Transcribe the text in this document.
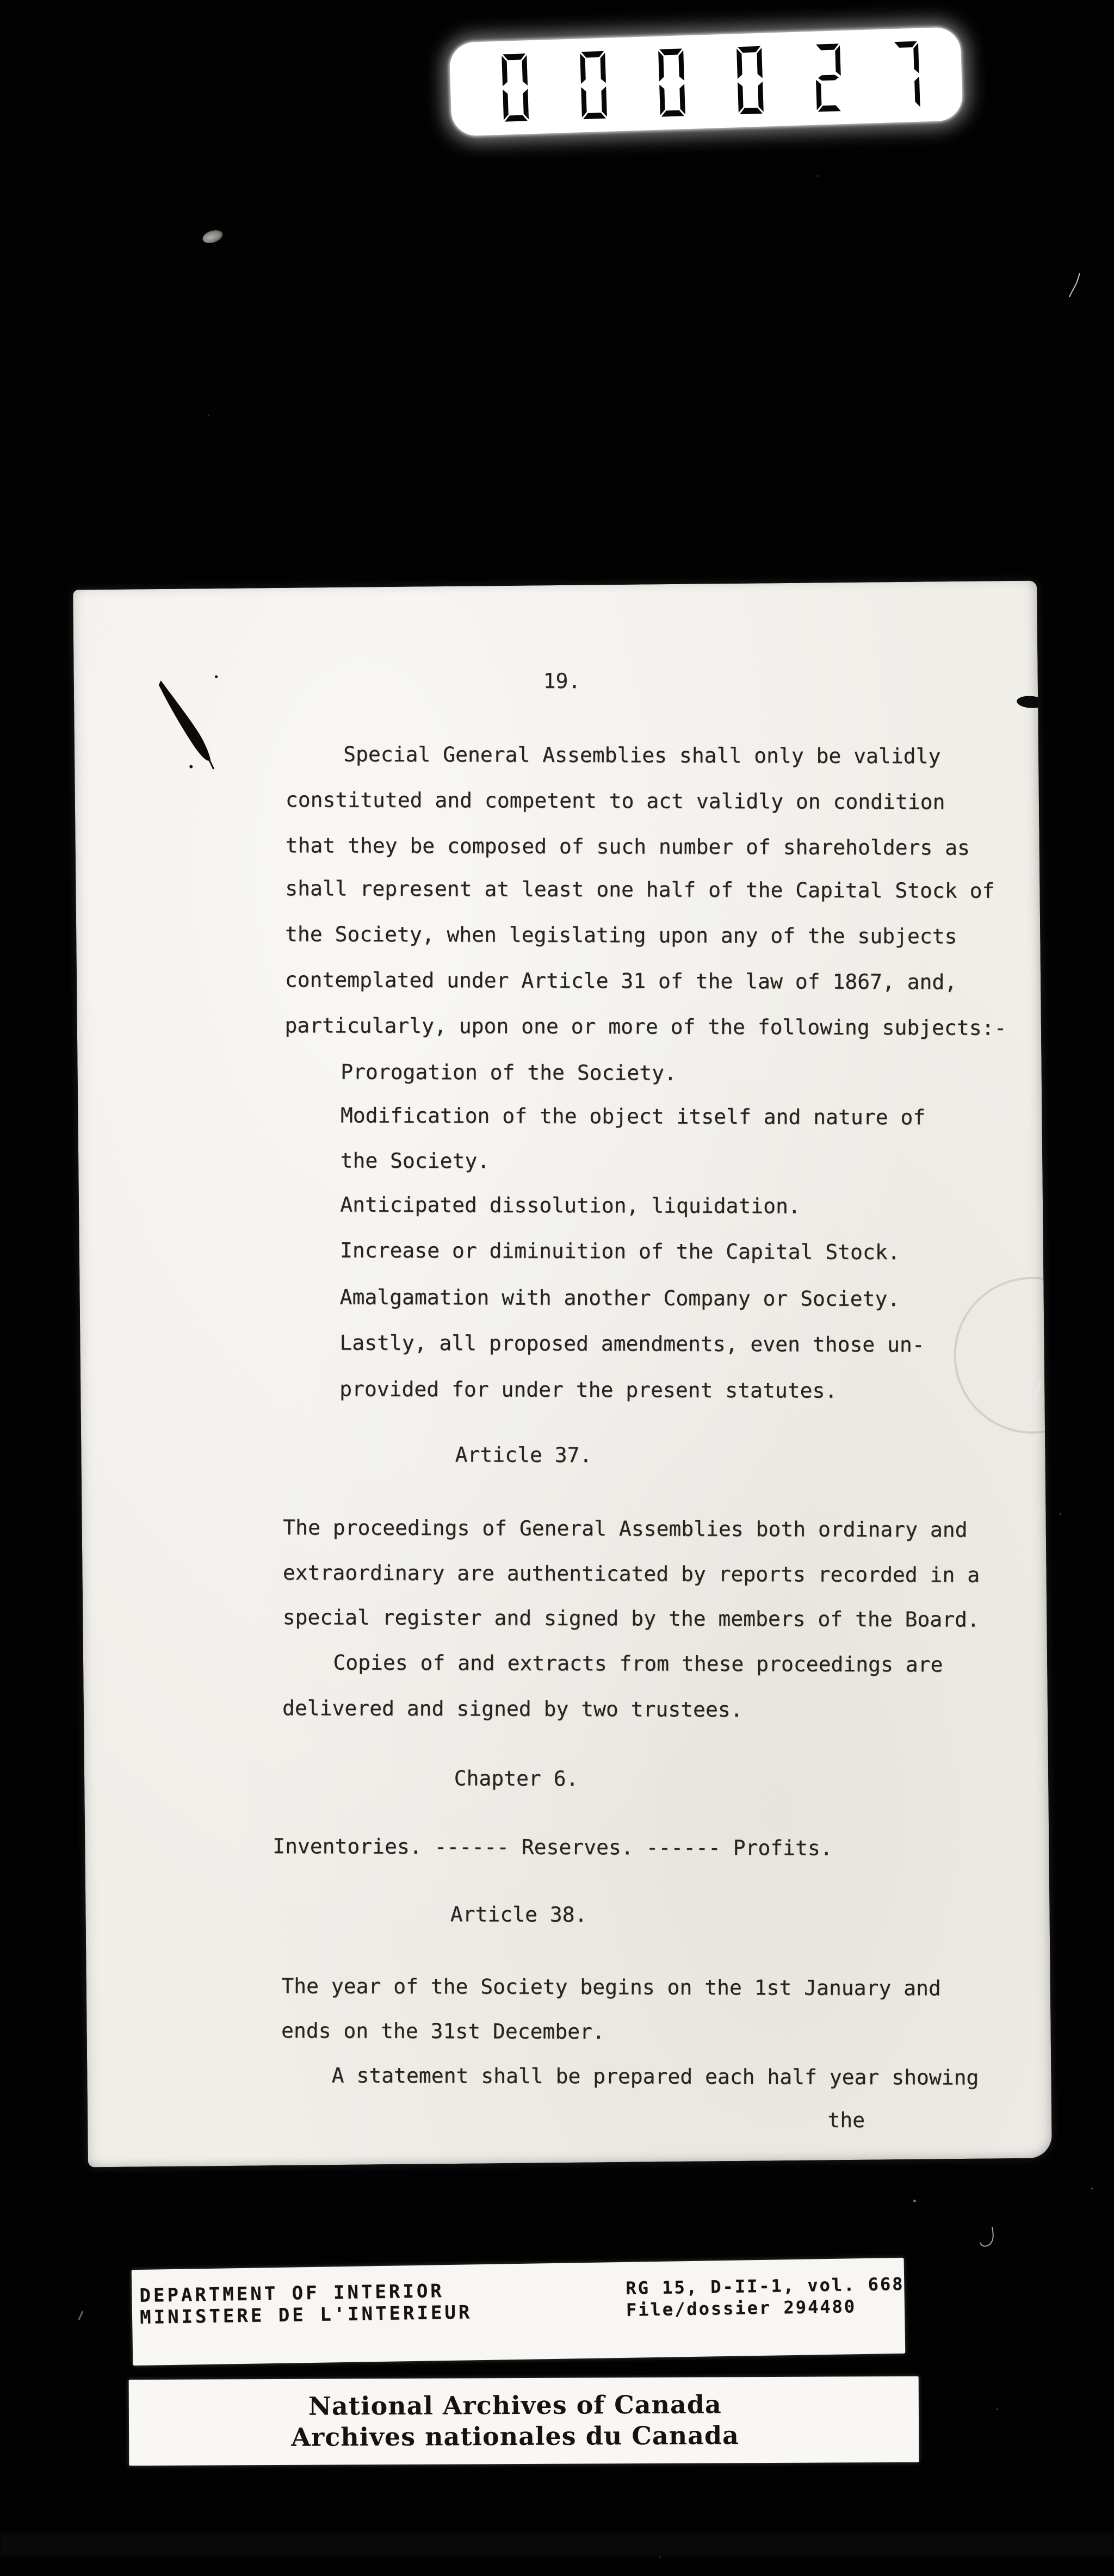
19.
Special General Assemblies shall only be validly
constituted and competent to act validly on condition
that they be composed of such number of shareholders as
shall represent at least one half of the Capital Stock of
the Society, when legislating upon any of the subjects
contemplated under Article 31 of the law of 1867, and,
particularly, upon one or more of the following subjects:-
Prorogation of the Society.
Modification of the object itself and nature of
the Society.
Anticipated dissolution, liquidation.
Increase or diminuition of the Capital Stock.
Amalgamation with another Company or Society.
Lastly, all proposed amendments, even those un-
provided for under the present statutes.
Article 37.
The proceedings of General Assemblies both ordinary and
extraordinary are authenticated by reports recorded in a
special register and signed by the members of the Board.
Copies of and extracts from these proceedings are
delivered and signed by two trustees.
Chapter 6.
Inventories. ------ Reserves. ------ Profits.
Article 38.
The year of the Society begins on the 1st January and
ends on the 31st December.
A statement shall be prepared each half year showing
the
DEPARTMENT OF INTERIOR
MINISTERE DE L'INTERIEUR
RG 15, D-II-1, vol. 668
File/dossier 294480
National Archives of Canada
Archives nationales du Canada
